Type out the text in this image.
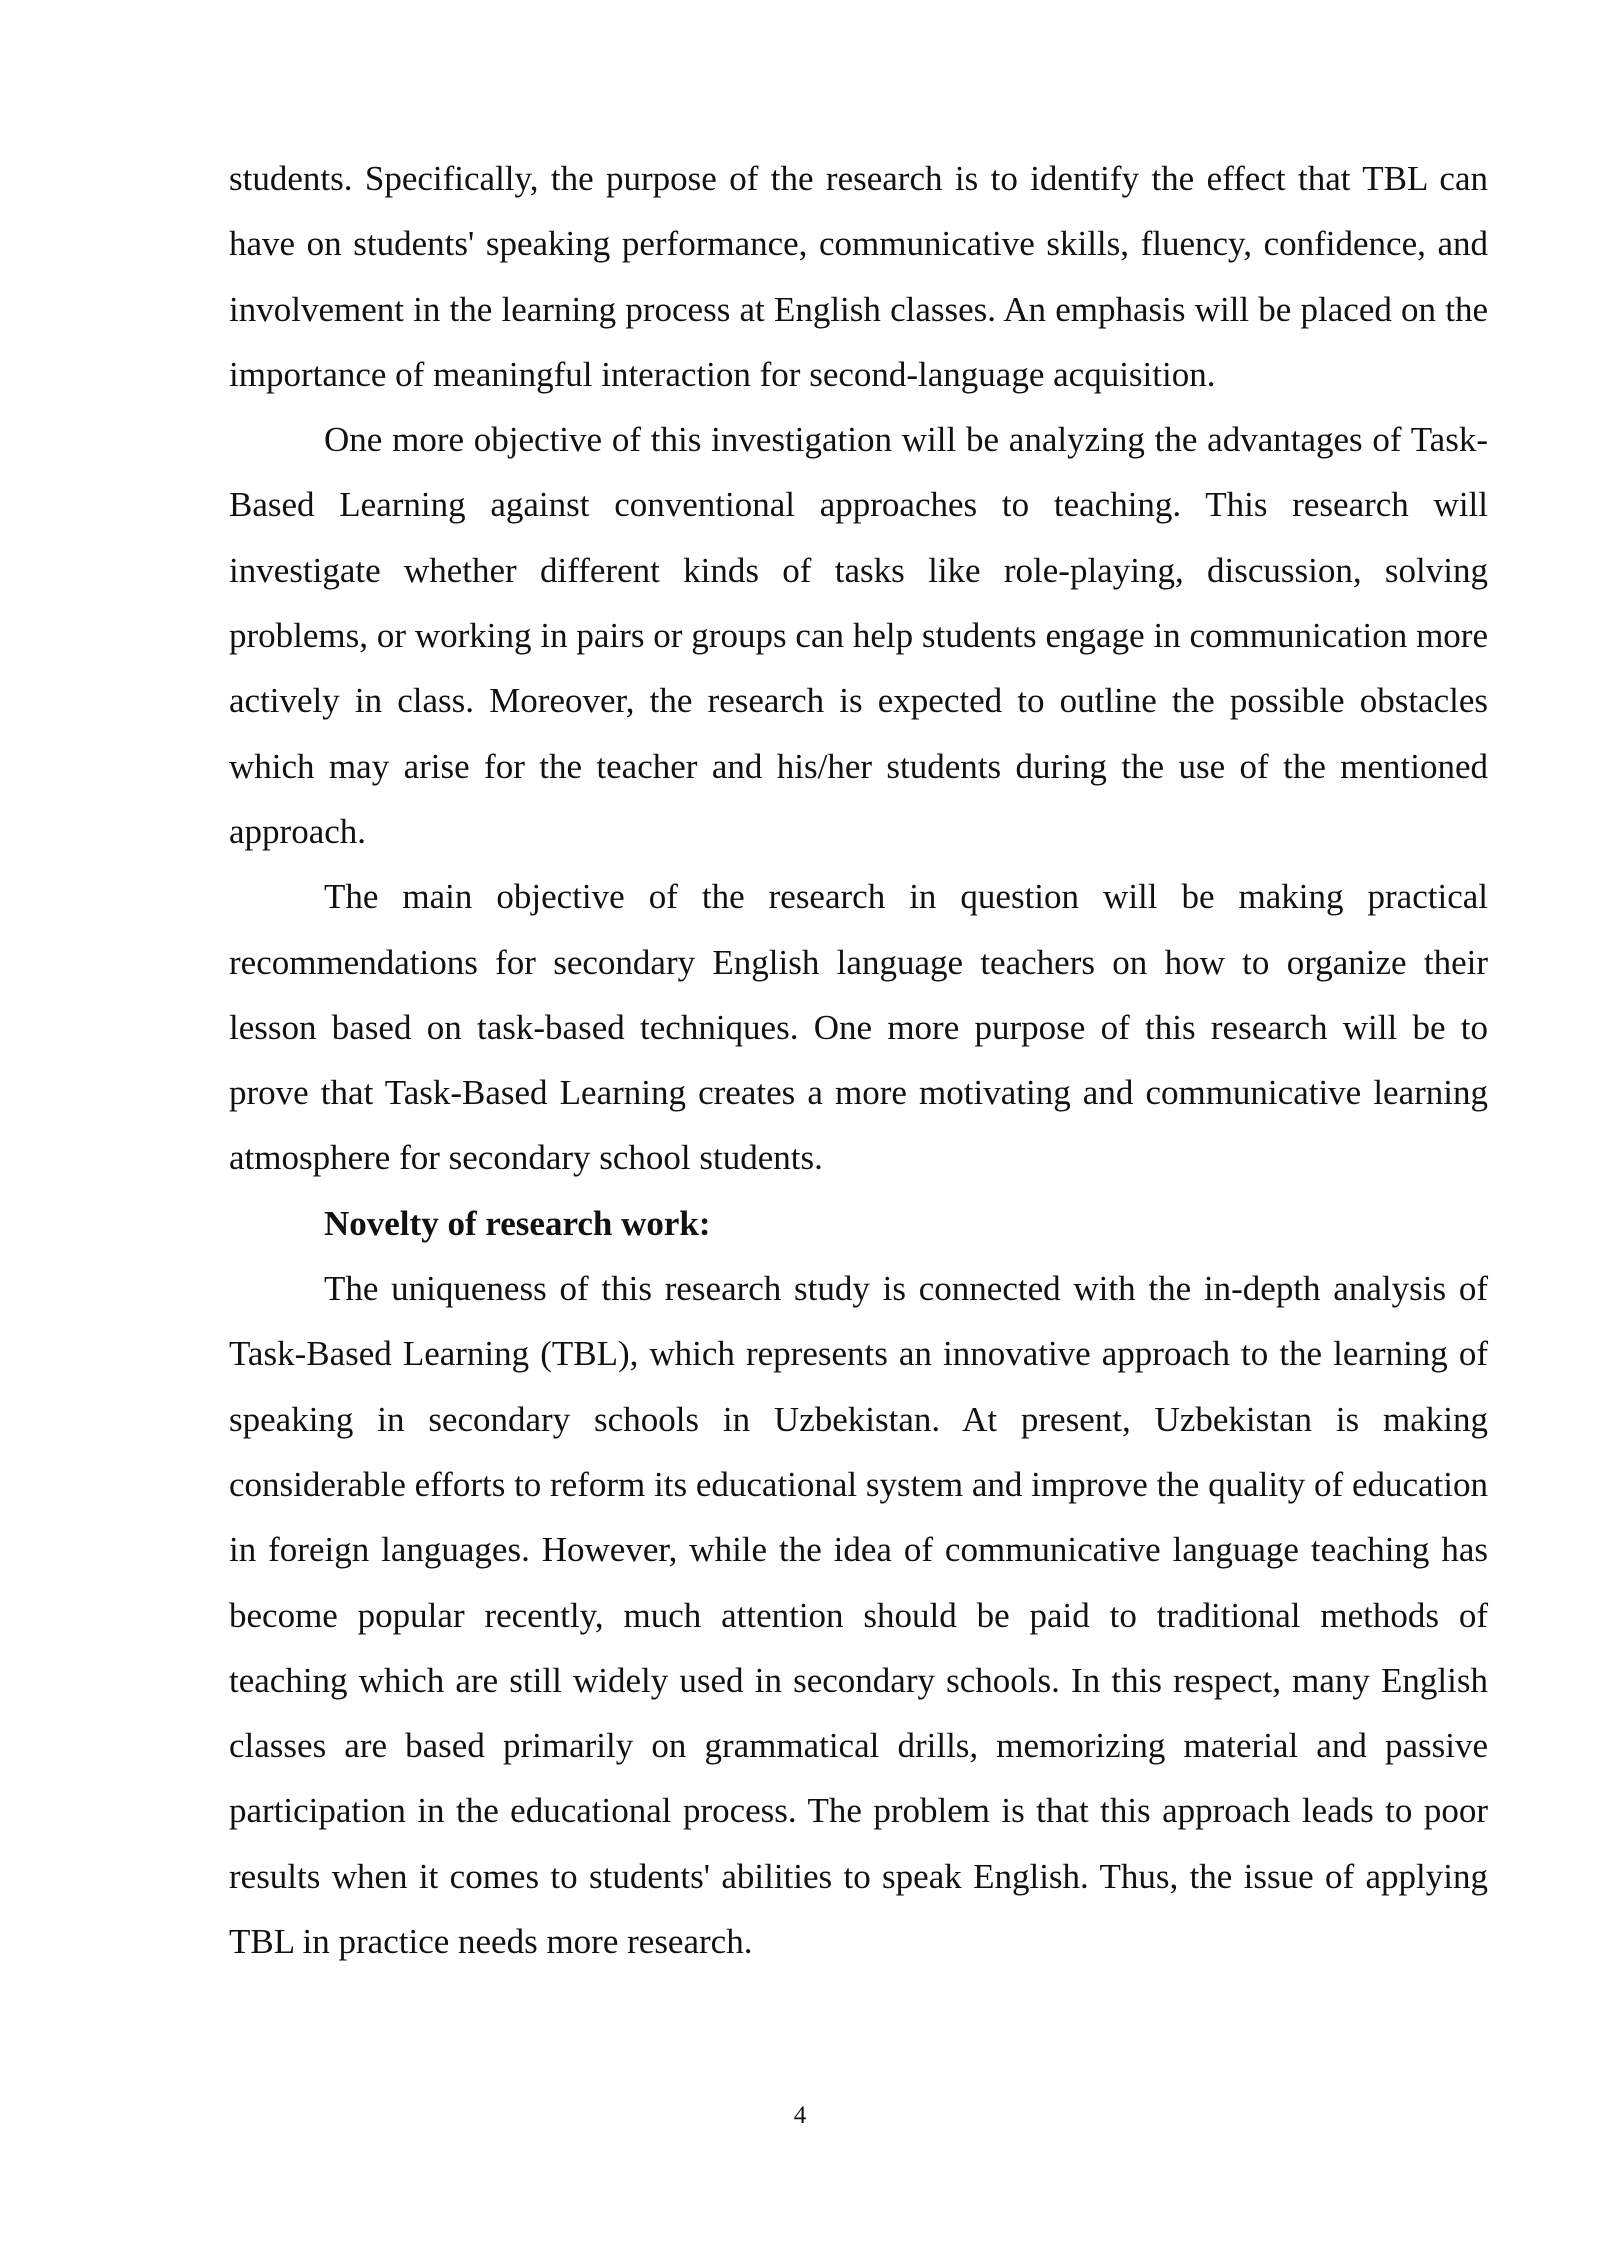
students. Specifically, the purpose of the research is to identify the effect that TBL can have on students' speaking performance, communicative skills, fluency, confidence, and involvement in the learning process at English classes. An emphasis will be placed on the importance of meaningful interaction for second-language acquisition.

One more objective of this investigation will be analyzing the advantages of Task-Based Learning against conventional approaches to teaching. This research will investigate whether different kinds of tasks like role-playing, discussion, solving problems, or working in pairs or groups can help students engage in communication more actively in class. Moreover, the research is expected to outline the possible obstacles which may arise for the teacher and his/her students during the use of the mentioned approach.

The main objective of the research in question will be making practical recommendations for secondary English language teachers on how to organize their lesson based on task-based techniques. One more purpose of this research will be to prove that Task-Based Learning creates a more motivating and communicative learning atmosphere for secondary school students.

Novelty of research work:

The uniqueness of this research study is connected with the in-depth analysis of Task-Based Learning (TBL), which represents an innovative approach to the learning of speaking in secondary schools in Uzbekistan. At present, Uzbekistan is making considerable efforts to reform its educational system and improve the quality of education in foreign languages. However, while the idea of communicative language teaching has become popular recently, much attention should be paid to traditional methods of teaching which are still widely used in secondary schools. In this respect, many English classes are based primarily on grammatical drills, memorizing material and passive participation in the educational process. The problem is that this approach leads to poor results when it comes to students' abilities to speak English. Thus, the issue of applying TBL in practice needs more research.

4
